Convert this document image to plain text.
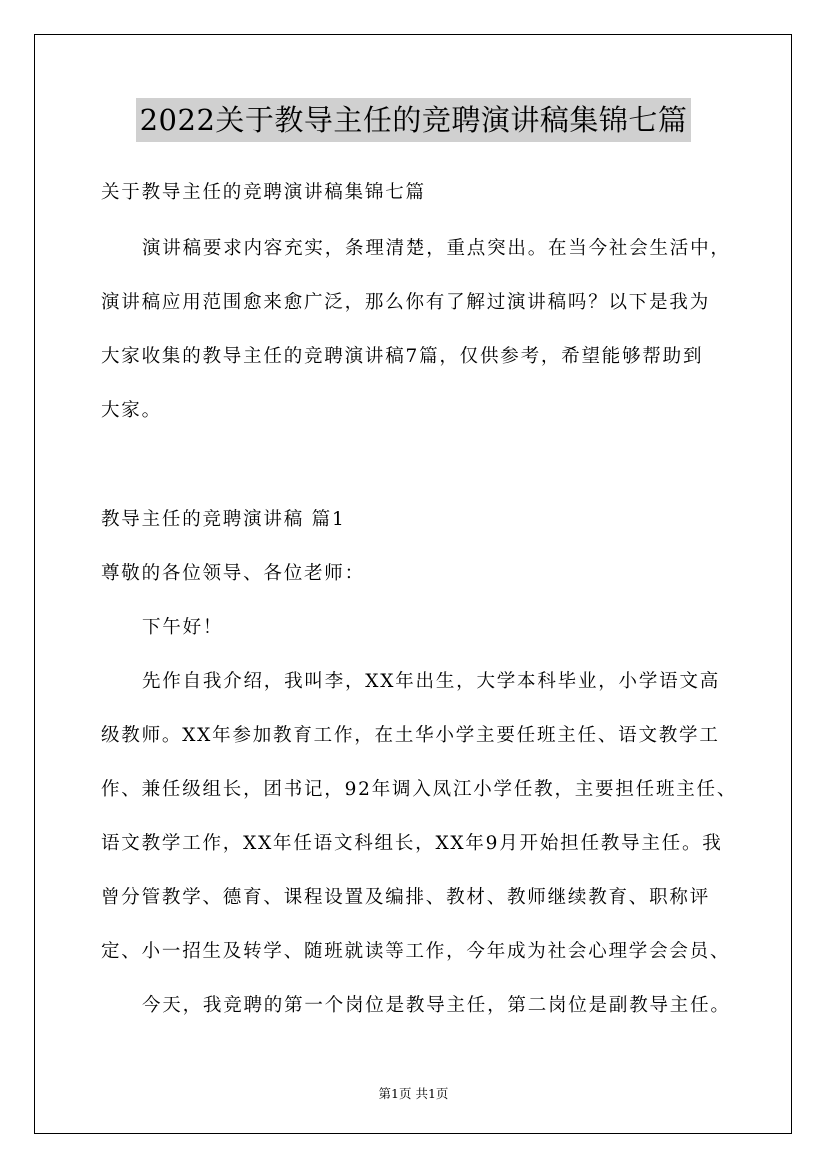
2022关于教导主任的竞聘演讲稿集锦七篇
关于教导主任的竞聘演讲稿集锦七篇
演讲稿要求内容充实，条理清楚，重点突出。在当今社会生活中，
演讲稿应用范围愈来愈广泛，那么你有了解过演讲稿吗？以下是我为
大家收集的教导主任的竞聘演讲稿7篇，仅供参考，希望能够帮助到
大家。
教导主任的竞聘演讲稿 篇1
尊敬的各位领导、各位老师：
下午好！
先作自我介绍，我叫李，XX年出生，大学本科毕业，小学语文高
级教师。XX年参加教育工作，在土华小学主要任班主任、语文教学工
作、兼任级组长，团书记，92年调入凤江小学任教，主要担任班主任、
语文教学工作，XX年任语文科组长，XX年9月开始担任教导主任。我
曾分管教学、德育、课程设置及编排、教材、教师继续教育、职称评
定、小一招生及转学、随班就读等工作，今年成为社会心理学会会员、
今天，我竞聘的第一个岗位是教导主任，第二岗位是副教导主任。
第1页 共1页
